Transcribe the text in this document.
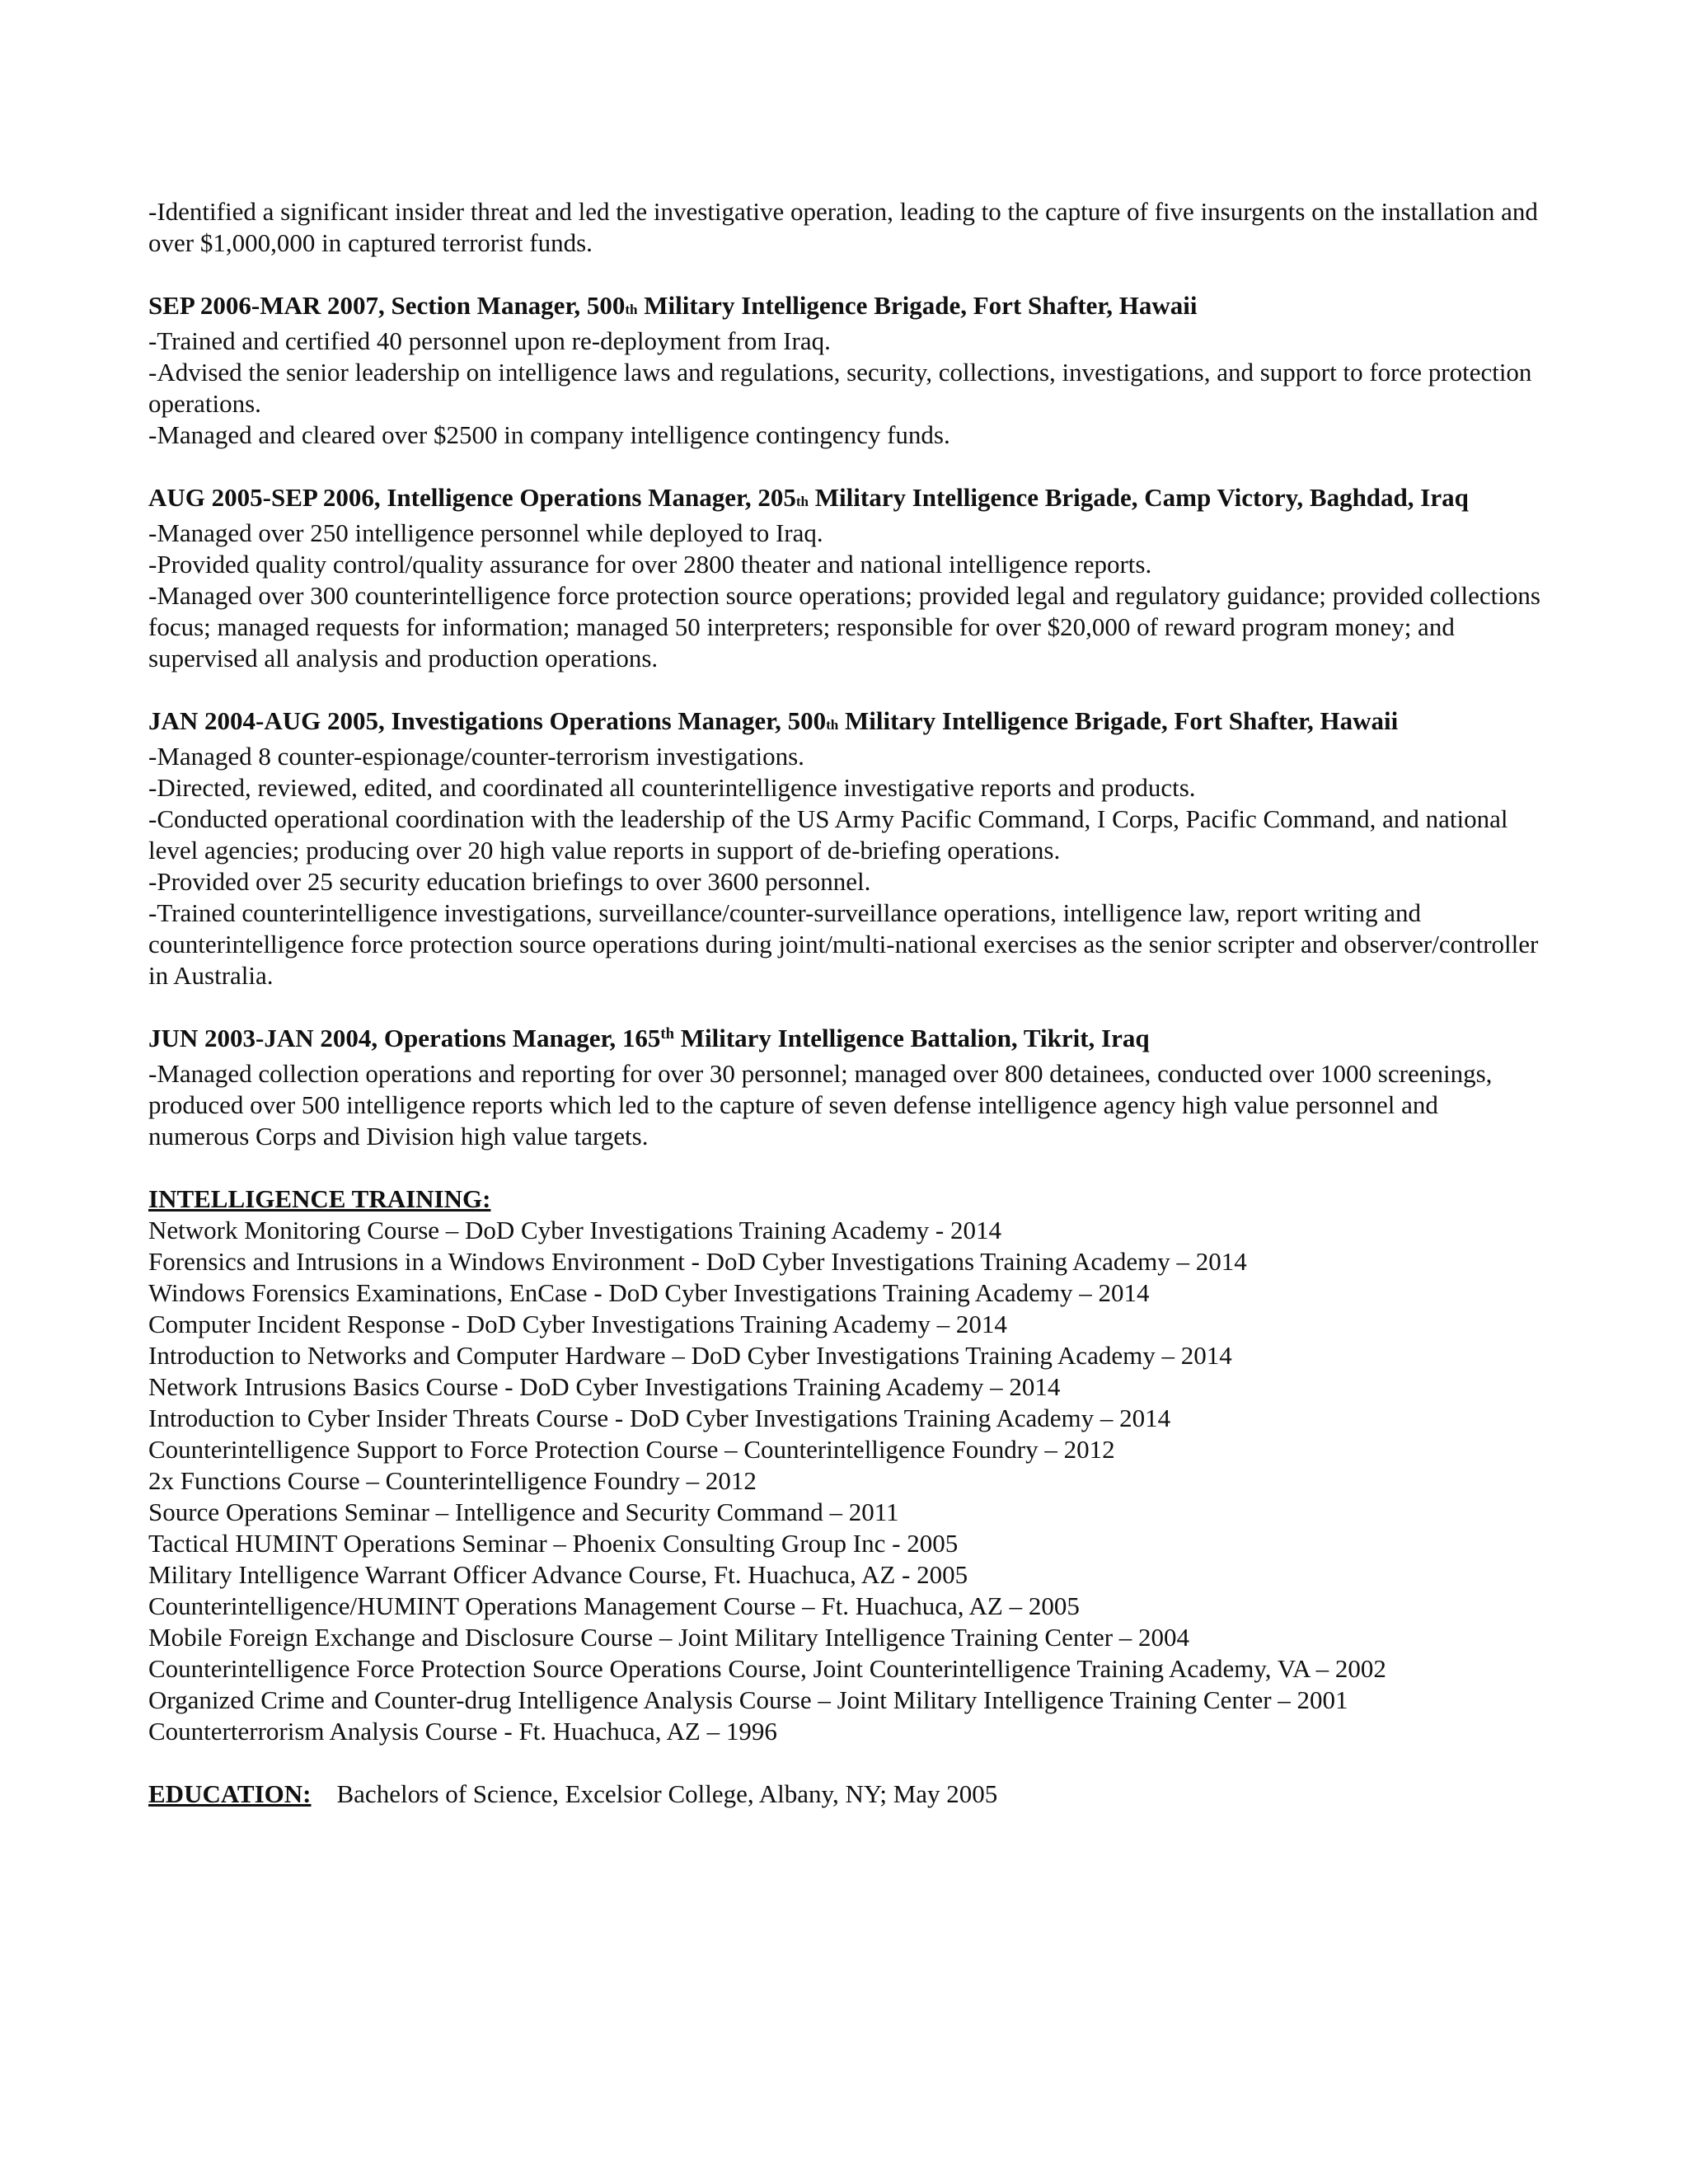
-Identified a significant insider threat and led the investigative operation, leading to the capture of five insurgents on the installation and over $1,000,000 in captured terrorist funds.
SEP 2006-MAR 2007, Section Manager, 500th Military Intelligence Brigade, Fort Shafter, Hawaii
-Trained and certified 40 personnel upon re-deployment from Iraq.
-Advised the senior leadership on intelligence laws and regulations, security, collections, investigations, and support to force protection operations.
-Managed and cleared over $2500 in company intelligence contingency funds.
AUG 2005-SEP 2006, Intelligence Operations Manager, 205th Military Intelligence Brigade, Camp Victory, Baghdad, Iraq
-Managed over 250 intelligence personnel while deployed to Iraq.
-Provided quality control/quality assurance for over 2800 theater and national intelligence reports.
-Managed over 300 counterintelligence force protection source operations; provided legal and regulatory guidance; provided collections focus; managed requests for information; managed 50 interpreters; responsible for over $20,000 of reward program money; and supervised all analysis and production operations.
JAN 2004-AUG 2005, Investigations Operations Manager, 500th Military Intelligence Brigade, Fort Shafter, Hawaii
-Managed 8 counter-espionage/counter-terrorism investigations.
-Directed, reviewed, edited, and coordinated all counterintelligence investigative reports and products.
-Conducted operational coordination with the leadership of the US Army Pacific Command, I Corps, Pacific Command, and national level agencies; producing over 20 high value reports in support of de-briefing operations.
-Provided over 25 security education briefings to over 3600 personnel.
-Trained counterintelligence investigations, surveillance/counter-surveillance operations, intelligence law, report writing and counterintelligence force protection source operations during joint/multi-national exercises as the senior scripter and observer/controller in Australia.
JUN 2003-JAN 2004, Operations Manager, 165th Military Intelligence Battalion, Tikrit, Iraq
-Managed collection operations and reporting for over 30 personnel; managed over 800 detainees, conducted over 1000 screenings, produced over 500 intelligence reports which led to the capture of seven defense intelligence agency high value personnel and numerous Corps and Division high value targets.
INTELLIGENCE TRAINING:
Network Monitoring Course – DoD Cyber Investigations Training Academy - 2014
Forensics and Intrusions in a Windows Environment - DoD Cyber Investigations Training Academy – 2014
Windows Forensics Examinations, EnCase - DoD Cyber Investigations Training Academy – 2014
Computer Incident Response - DoD Cyber Investigations Training Academy – 2014
Introduction to Networks and Computer Hardware – DoD Cyber Investigations Training Academy – 2014
Network Intrusions Basics Course - DoD Cyber Investigations Training Academy – 2014
Introduction to Cyber Insider Threats Course - DoD Cyber Investigations Training Academy – 2014
Counterintelligence Support to Force Protection Course – Counterintelligence Foundry – 2012
2x Functions Course – Counterintelligence Foundry – 2012
Source Operations Seminar – Intelligence and Security Command – 2011
Tactical HUMINT Operations Seminar – Phoenix Consulting Group Inc - 2005
Military Intelligence Warrant Officer Advance Course, Ft. Huachuca, AZ - 2005
Counterintelligence/HUMINT Operations Management Course – Ft. Huachuca, AZ – 2005
Mobile Foreign Exchange and Disclosure Course – Joint Military Intelligence Training Center – 2004
Counterintelligence Force Protection Source Operations Course, Joint Counterintelligence Training Academy, VA – 2002
Organized Crime and Counter-drug Intelligence Analysis Course – Joint Military Intelligence Training Center – 2001
Counterterrorism Analysis Course - Ft. Huachuca, AZ – 1996
EDUCATION: Bachelors of Science, Excelsior College, Albany, NY; May 2005
